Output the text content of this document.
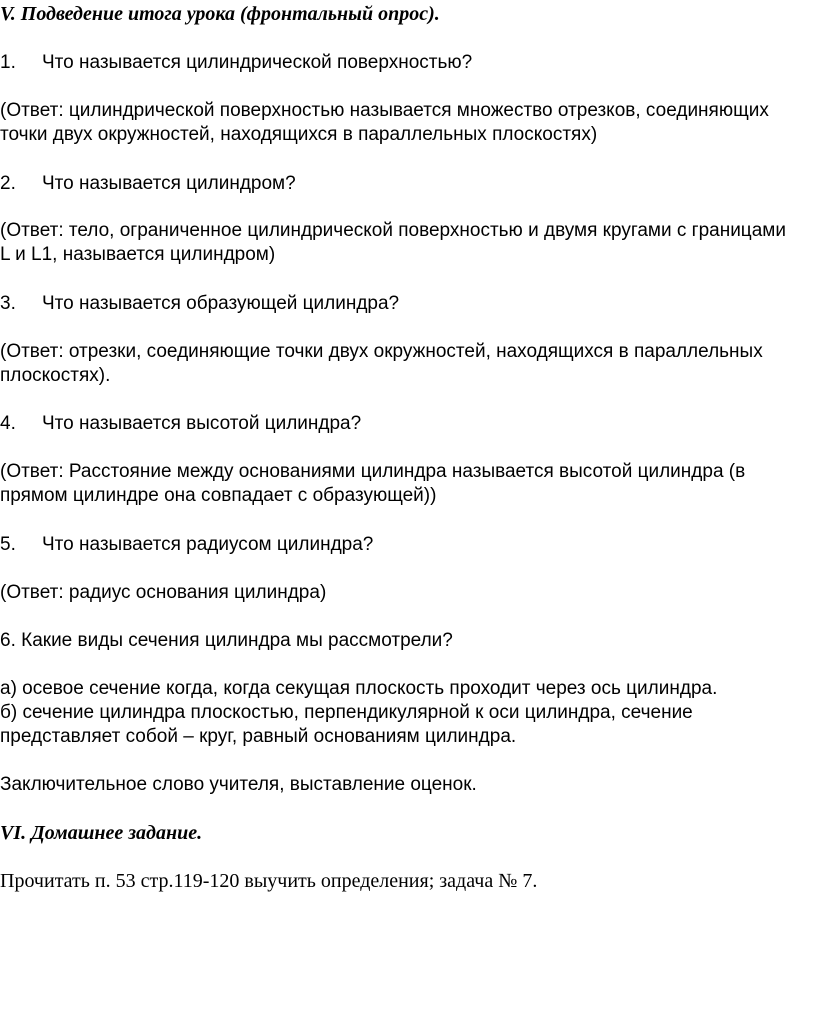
V. Подведение итога урока (фронтальный опрос).
1. Что называется цилиндрической поверхностью?
(Ответ: цилиндрической поверхностью называется множество отрезков, соединяющих
точки двух окружностей, находящихся в параллельных плоскостях)
2. Что называется цилиндром?
(Ответ: тело, ограниченное цилиндрической поверхностью и двумя кругами с границами
L и L1, называется цилиндром)
3. Что называется образующей цилиндра?
(Ответ: отрезки, соединяющие точки двух окружностей, находящихся в параллельных
плоскостях).
4. Что называется высотой цилиндра?
(Ответ: Расстояние между основаниями цилиндра называется высотой цилиндра (в
прямом цилиндре она совпадает с образующей))
5. Что называется радиусом цилиндра?
(Ответ: радиус основания цилиндра)
6. Какие виды сечения цилиндра мы рассмотрели?
а) осевое сечение когда, когда секущая плоскость проходит через ось цилиндра.
б) сечение цилиндра плоскостью, перпендикулярной к оси цилиндра, сечение
представляет собой – круг, равный основаниям цилиндра.
Заключительное слово учителя, выставление оценок.
VI. Домашнее задание.
Прочитать п. 53 стр.119-120 выучить определения; задача № 7.
